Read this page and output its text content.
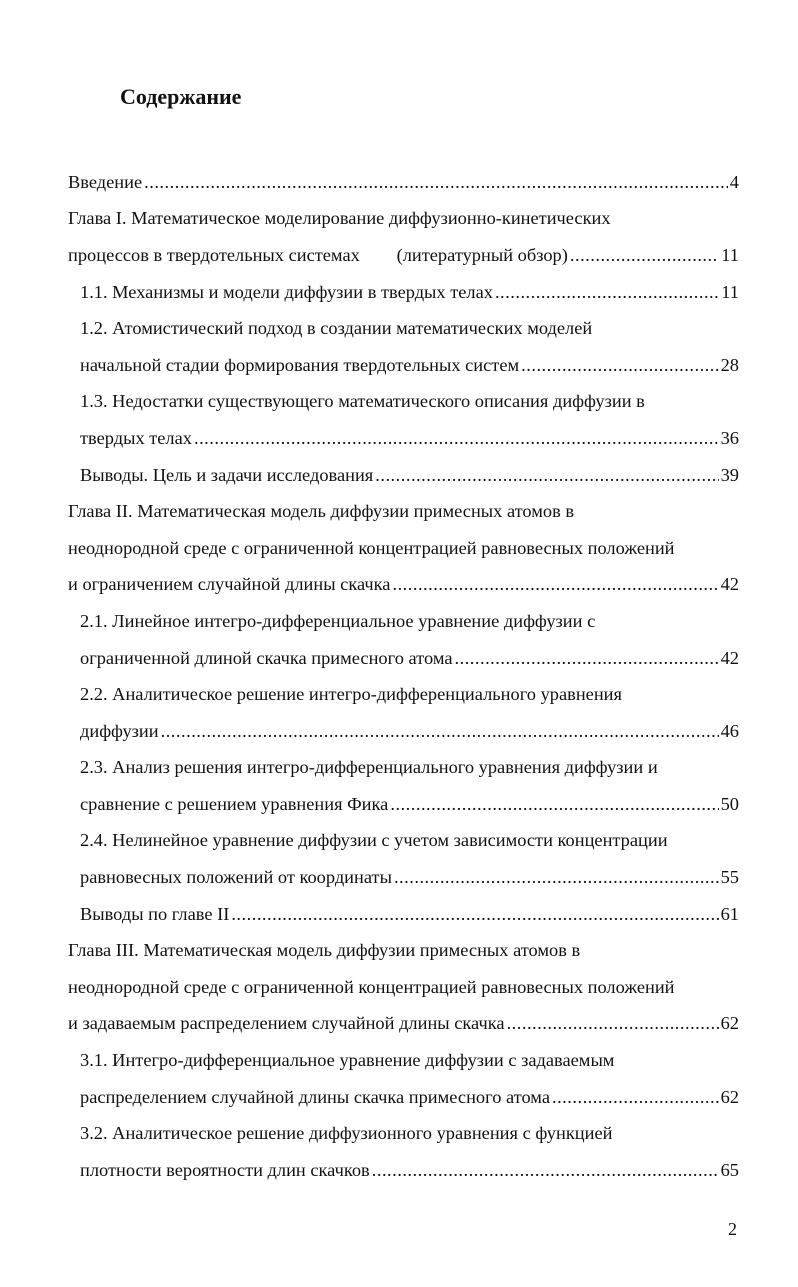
Содержание
Введение .....	4
Глава I. Математическое моделирование диффузионно-кинетических
процессов в твердотельных системах        (литературный обзор) .....	11
1.1. Механизмы и модели диффузии в твердых телах .....	11
1.2. Атомистический подход в создании математических моделей
начальной стадии формирования твердотельных систем .....	28
1.3. Недостатки существующего математического описания диффузии в
твердых телах .....	36
Выводы. Цель и задачи исследования .....	39
Глава II. Математическая модель диффузии примесных атомов в
неоднородной среде с ограниченной концентрацией равновесных положений
и ограничением случайной длины скачка .....	42
2.1. Линейное интегро-дифференциальное уравнение диффузии с
ограниченной длиной скачка примесного атома .....	42
2.2. Аналитическое решение интегро-дифференциального уравнения
диффузии .....	46
2.3. Анализ решения интегро-дифференциального уравнения диффузии и
сравнение с решением уравнения Фика .....	50
2.4. Нелинейное уравнение диффузии с учетом зависимости концентрации
равновесных положений от координаты .....	55
Выводы по главе II .....	61
Глава III. Математическая модель диффузии примесных атомов в
неоднородной среде с ограниченной концентрацией равновесных положений
и задаваемым распределением случайной длины скачка .....	62
3.1. Интегро-дифференциальное уравнение диффузии с задаваемым
распределением случайной длины скачка примесного атома .....	62
3.2. Аналитическое решение диффузионного уравнения с функцией
плотности вероятности длин скачков .....	65
2
